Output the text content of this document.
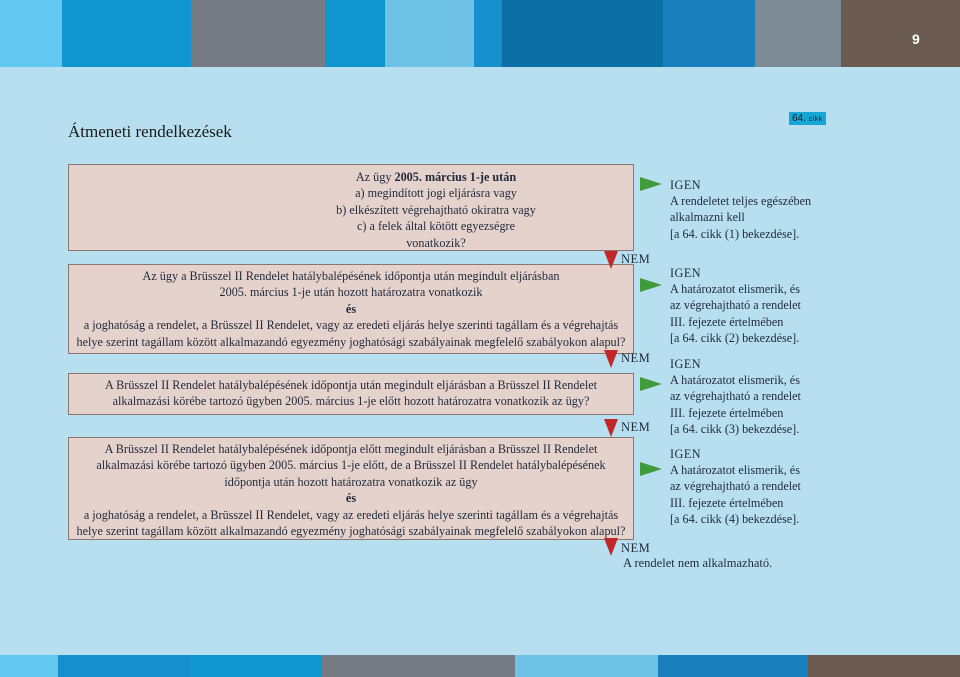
9
Átmeneti rendelkezések
64. cikk
Az ügy 2005. március 1-je után
a) megindított jogi eljárásra vagy
b) elkészített végrehajtható okiratra vagy
c) a felek által kötött egyezségre
vonatkozik?
Az ügy a Brüsszel II Rendelet hatálybalépésének időpontja után megindult eljárásban
2005. március 1-je után hozott határozatra vonatkozik
és
a joghatóság a rendelet, a Brüsszel II Rendelet, vagy az eredeti eljárás helye szerinti tagállam és a végrehajtás
helye szerint tagállam között alkalmazandó egyezmény joghatósági szabályainak megfelelő szabályokon alapul?
A Brüsszel II Rendelet hatálybalépésének időpontja után megindult eljárásban a Brüsszel II Rendelet
alkalmazási körébe tartozó ügyben 2005. március 1-je előtt hozott határozatra vonatkozik az ügy?
A Brüsszel II Rendelet hatálybalépésének időpontja előtt megindult eljárásban a Brüsszel II Rendelet
alkalmazási körébe tartozó ügyben 2005. március 1-je előtt, de a Brüsszel II Rendelet hatálybalépésének
időpontja után hozott határozatra vonatkozik az ügy
és
a joghatóság a rendelet, a Brüsszel II Rendelet, vagy az eredeti eljárás helye szerinti tagállam és a végrehajtás
helye szerint tagállam között alkalmazandó egyezmény joghatósági szabályainak megfelelő szabályokon alapul?
NEM
NEM
NEM
NEM
IGEN
A rendeletet teljes egészében
alkalmazni kell
[a 64. cikk (1) bekezdése].
IGEN
A határozatot elismerik, és
az végrehajtható a rendelet
III. fejezete értelmében
[a 64. cikk (2) bekezdése].
IGEN
A határozatot elismerik, és
az végrehajtható a rendelet
III. fejezete értelmében
[a 64. cikk (3) bekezdése].
IGEN
A határozatot elismerik, és
az végrehajtható a rendelet
III. fejezete értelmében
[a 64. cikk (4) bekezdése].
A rendelet nem alkalmazható.
